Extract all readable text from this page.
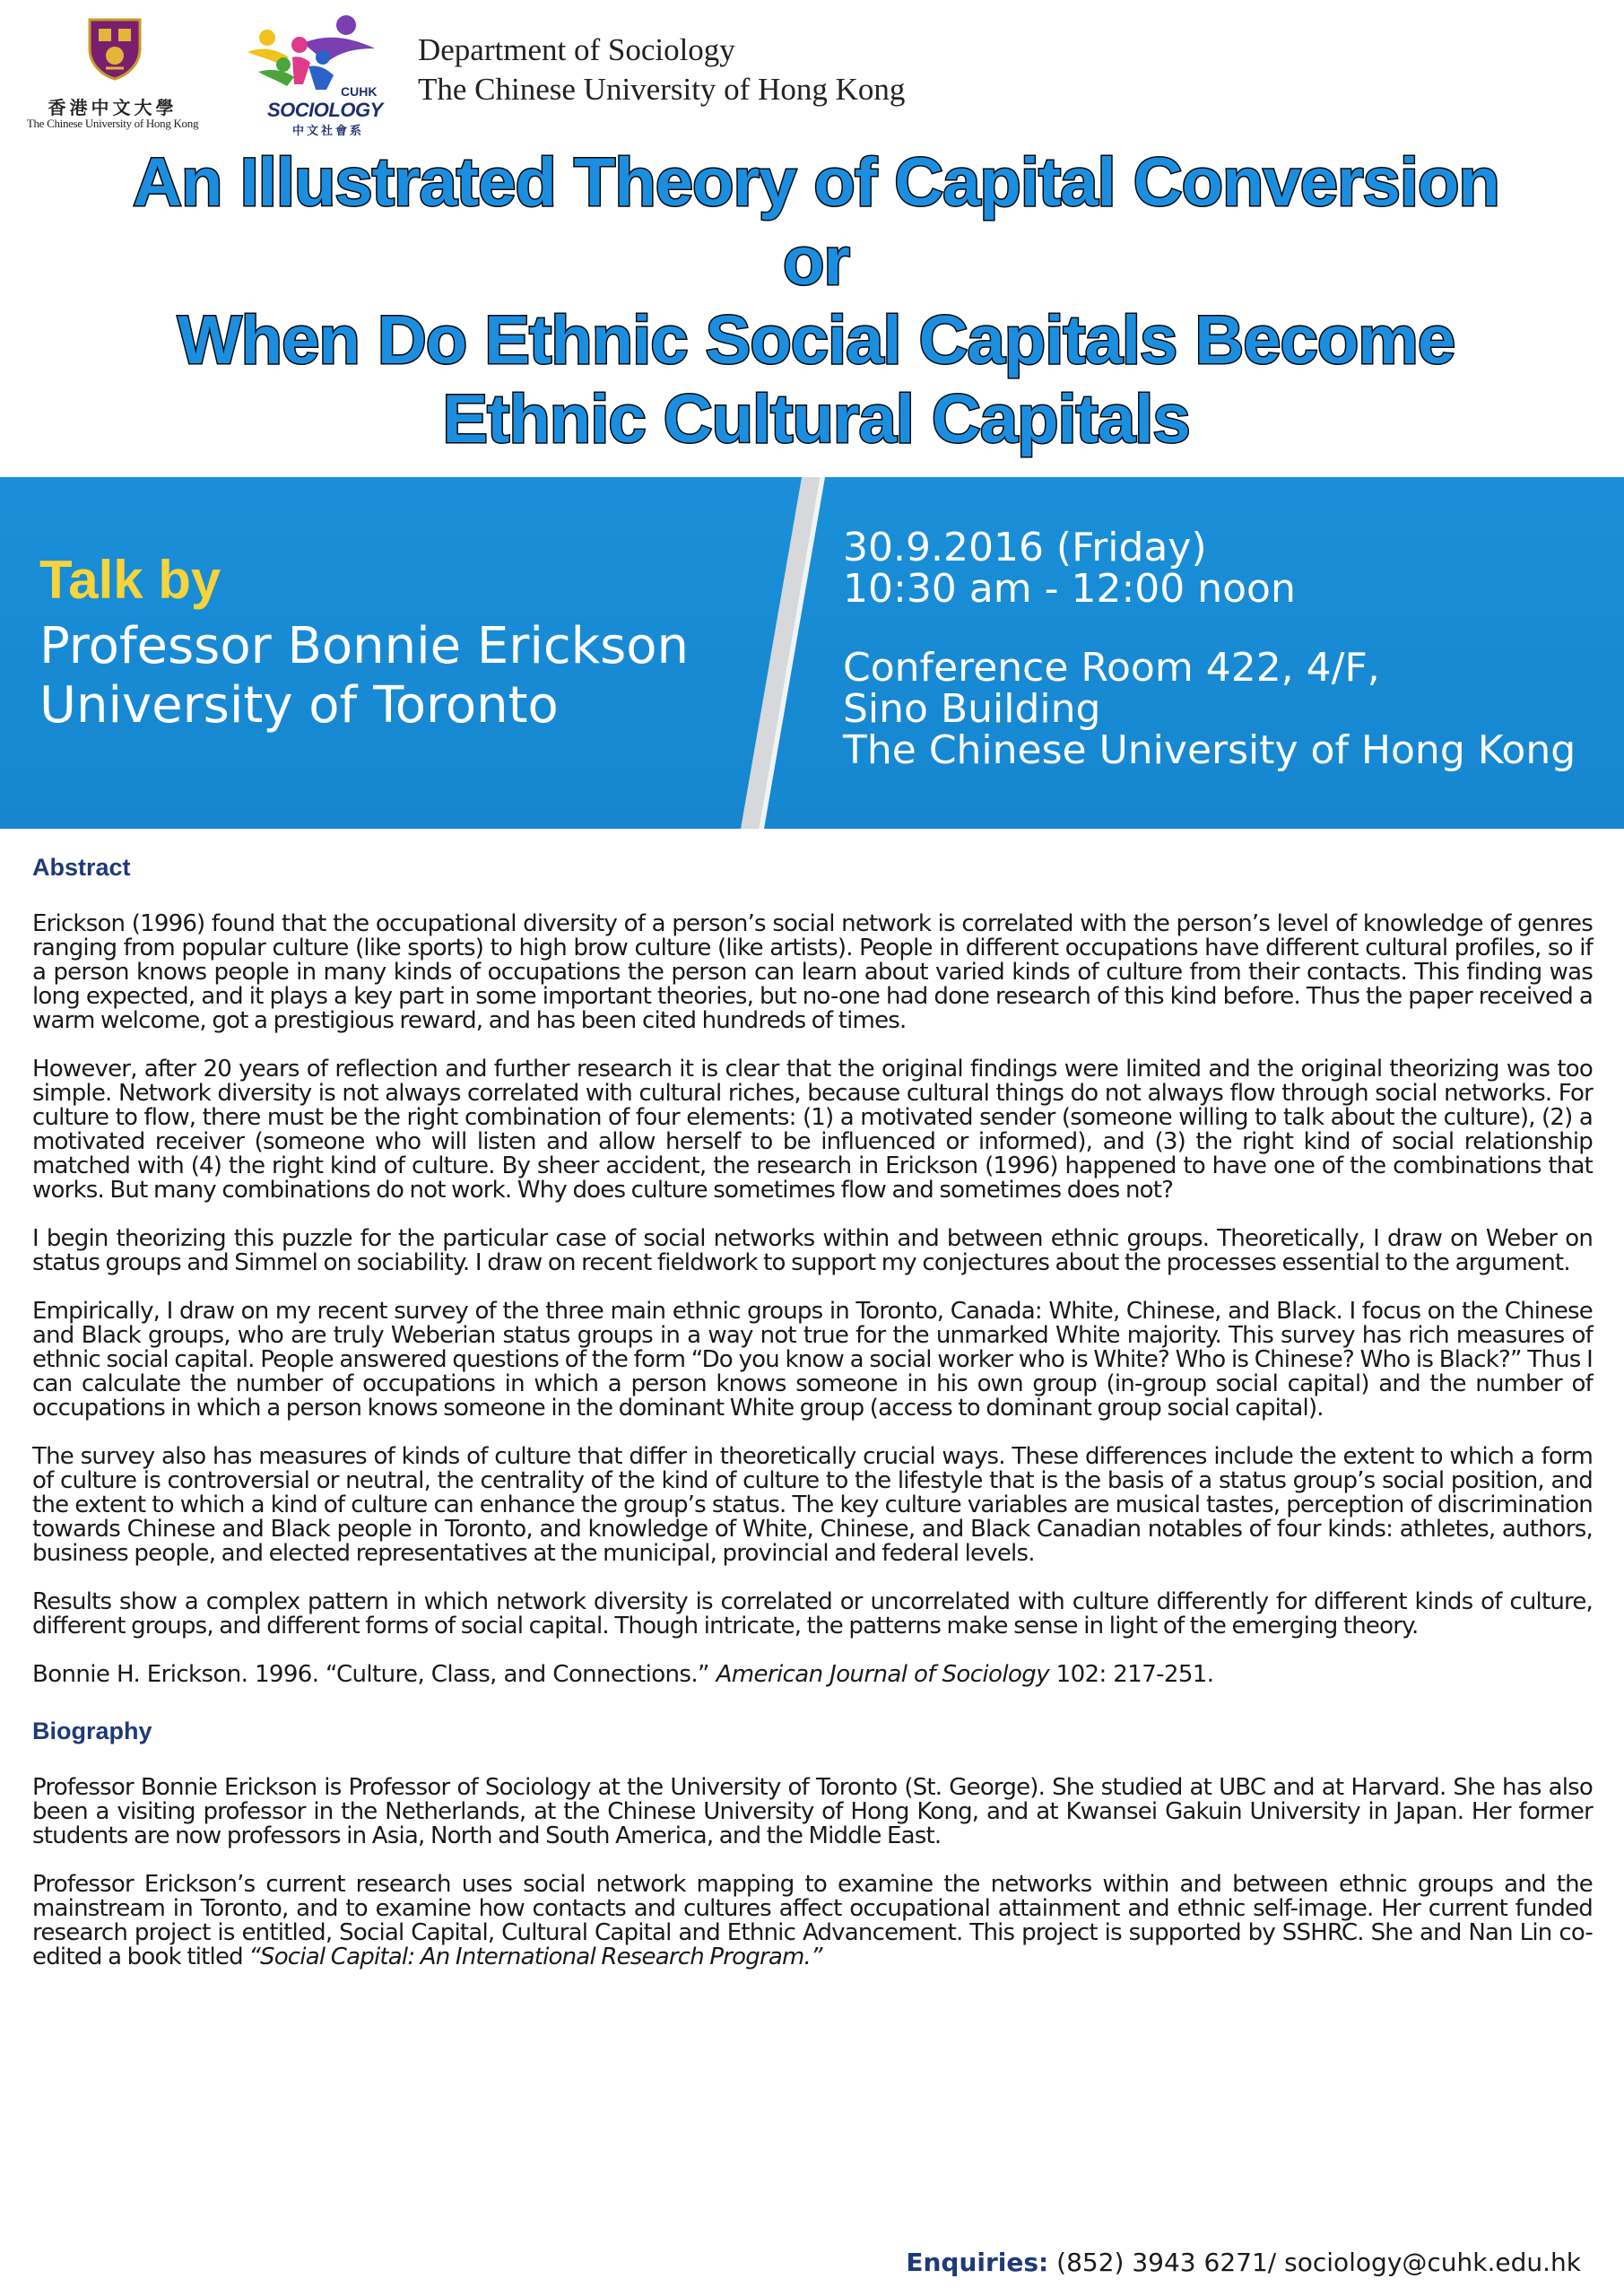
香港中文大學
The Chinese University of Hong Kong
CUHK
SOCIOLOGY
中文社會系
Department of Sociology
The Chinese University of Hong Kong
An Illustrated Theory of Capital Conversion
or
When Do Ethnic Social Capitals Become
Ethnic Cultural Capitals
Talk by
Professor Bonnie Erickson
University of Toronto
30.9.2016 (Friday)
10:30 am - 12:00 noon
Conference Room 422, 4/F,
Sino Building
The Chinese University of Hong Kong
Abstract

Erickson (1996) found that the occupational diversity of a person’s social network is correlated with the person’s level of knowledge of genres ranging from popular culture (like sports) to high brow culture (like artists). People in different occupations have different cultural profiles, so if a person knows people in many kinds of occupations the person can learn about varied kinds of culture from their contacts. This finding was long expected, and it plays a key part in some important theories, but no-one had done research of this kind before. Thus the paper received a warm welcome, got a prestigious reward, and has been cited hundreds of times.

However, after 20 years of reflection and further research it is clear that the original findings were limited and the original theorizing was too simple. Network diversity is not always correlated with cultural riches, because cultural things do not always flow through social networks. For culture to flow, there must be the right combination of four elements: (1) a motivated sender (someone willing to talk about the culture), (2) a motivated receiver (someone who will listen and allow herself to be influenced or informed), and (3) the right kind of social relationship matched with (4) the right kind of culture. By sheer accident, the research in Erickson (1996) happened to have one of the combinations that works. But many combinations do not work. Why does culture sometimes flow and sometimes does not?

I begin theorizing this puzzle for the particular case of social networks within and between ethnic groups. Theoretically, I draw on Weber on status groups and Simmel on sociability. I draw on recent fieldwork to support my conjectures about the processes essential to the argument.

Empirically, I draw on my recent survey of the three main ethnic groups in Toronto, Canada: White, Chinese, and Black. I focus on the Chinese and Black groups, who are truly Weberian status groups in a way not true for the unmarked White majority. This survey has rich measures of ethnic social capital. People answered questions of the form “Do you know a social worker who is White? Who is Chinese? Who is Black?” Thus I can calculate the number of occupations in which a person knows someone in his own group (in-group social capital) and the number of occupations in which a person knows someone in the dominant White group (access to dominant group social capital).

The survey also has measures of kinds of culture that differ in theoretically crucial ways. These differences include the extent to which a form of culture is controversial or neutral, the centrality of the kind of culture to the lifestyle that is the basis of a status group’s social position, and the extent to which a kind of culture can enhance the group’s status. The key culture variables are musical tastes, perception of discrimination towards Chinese and Black people in Toronto, and knowledge of White, Chinese, and Black Canadian notables of four kinds: athletes, authors, business people, and elected representatives at the municipal, provincial and federal levels.

Results show a complex pattern in which network diversity is correlated or uncorrelated with culture differently for different kinds of culture, different groups, and different forms of social capital. Though intricate, the patterns make sense in light of the emerging theory.

Bonnie H. Erickson. 1996. “Culture, Class, and Connections.” American Journal of Sociology 102: 217-251.

Biography

Professor Bonnie Erickson is Professor of Sociology at the University of Toronto (St. George). She studied at UBC and at Harvard. She has also been a visiting professor in the Netherlands, at the Chinese University of Hong Kong, and at Kwansei Gakuin University in Japan. Her former students are now professors in Asia, North and South America, and the Middle East.

Professor Erickson’s current research uses social network mapping to examine the networks within and between ethnic groups and the mainstream in Toronto, and to examine how contacts and cultures affect occupational attainment and ethnic self-image. Her current funded research project is entitled, Social Capital, Cultural Capital and Ethnic Advancement. This project is supported by SSHRC. She and Nan Lin co-edited a book titled “Social Capital: An International Research Program.”

Enquiries: (852) 3943 6271/ sociology@cuhk.edu.hk
